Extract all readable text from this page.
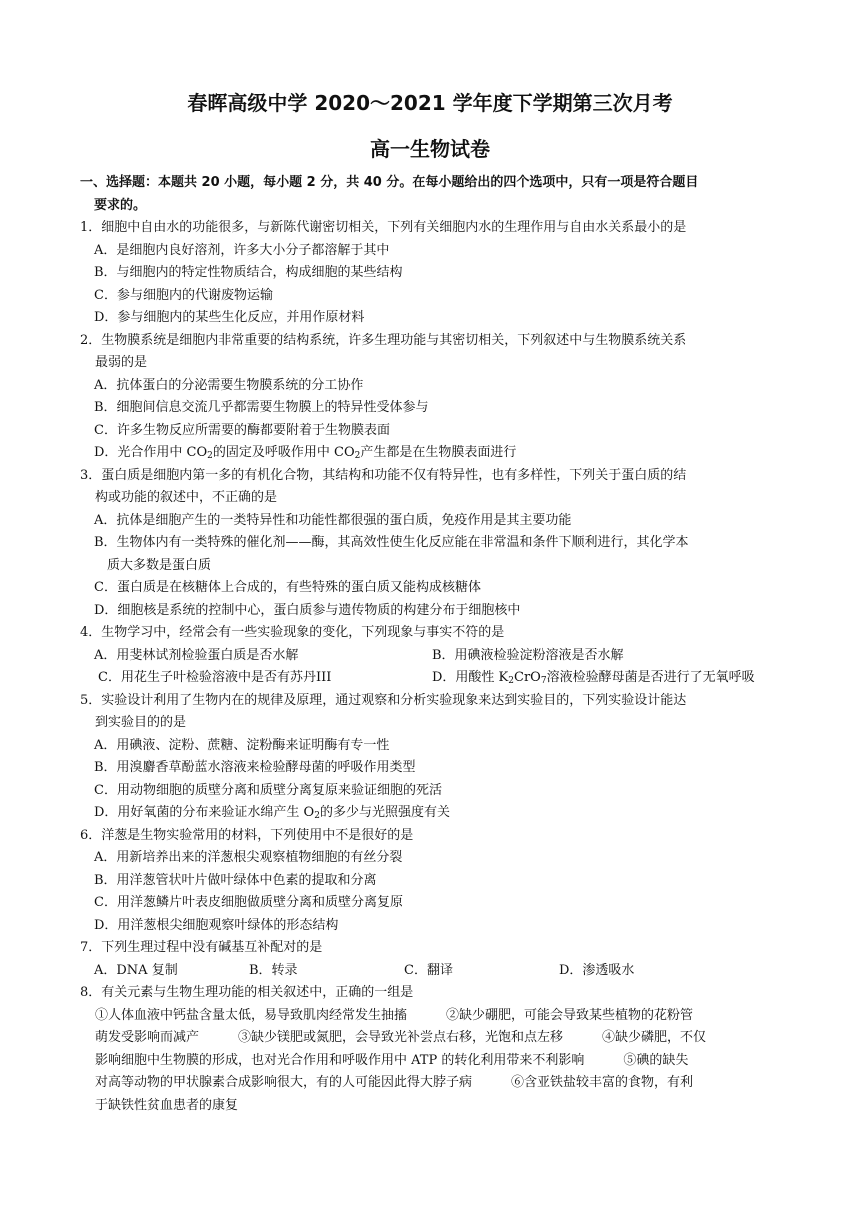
春晖高级中学 2020～2021 学年度下学期第三次月考
高一生物试卷
一、选择题：本题共 20 小题，每小题 2 分，共 40 分。在每小题给出的四个选项中，只有一项是符合题目
要求的。
1．细胞中自由水的功能很多，与新陈代谢密切相关，下列有关细胞内水的生理作用与自由水关系最小的是
A．是细胞内良好溶剂，许多大小分子都溶解于其中
B．与细胞内的特定性物质结合，构成细胞的某些结构
C．参与细胞内的代谢废物运输
D．参与细胞内的某些生化反应，并用作原材料
2．生物膜系统是细胞内非常重要的结构系统，许多生理功能与其密切相关，下列叙述中与生物膜系统关系
最弱的是
A．抗体蛋白的分泌需要生物膜系统的分工协作
B．细胞间信息交流几乎都需要生物膜上的特异性受体参与
C．许多生物反应所需要的酶都要附着于生物膜表面
D．光合作用中 $CO_2$的固定及呼吸作用中 $CO_2$产生都是在生物膜表面进行
3．蛋白质是细胞内第一多的有机化合物，其结构和功能不仅有特异性，也有多样性，下列关于蛋白质的结
构或功能的叙述中，不正确的是
A．抗体是细胞产生的一类特异性和功能性都很强的蛋白质，免疫作用是其主要功能
B．生物体内有一类特殊的催化剂——酶，其高效性使生化反应能在非常温和条件下顺利进行，其化学本
质大多数是蛋白质
C．蛋白质是在核糖体上合成的，有些特殊的蛋白质又能构成核糖体
D．细胞核是系统的控制中心，蛋白质参与遗传物质的构建分布于细胞核中
4．生物学习中，经常会有一些实验现象的变化，下列现象与事实不符的是
A．用斐林试剂检验蛋白质是否水解	B．用碘液检验淀粉溶液是否水解
C．用花生子叶检验溶液中是否有苏丹III	D．用酸性 $K_2CrO_7$溶液检验酵母菌是否进行了无氧呼吸
5．实验设计利用了生物内在的规律及原理，通过观察和分析实验现象来达到实验目的，下列实验设计能达
到实验目的的是
A．用碘液、淀粉、蔗糖、淀粉酶来证明酶有专一性
B．用溴麝香草酚蓝水溶液来检验酵母菌的呼吸作用类型
C．用动物细胞的质壁分离和质壁分离复原来验证细胞的死活
D．用好氧菌的分布来验证水绵产生 $O_2$的多少与光照强度有关
6．洋葱是生物实验常用的材料，下列使用中不是很好的是
A．用新培养出来的洋葱根尖观察植物细胞的有丝分裂
B．用洋葱管状叶片做叶绿体中色素的提取和分离
C．用洋葱鳞片叶表皮细胞做质壁分离和质壁分离复原
D．用洋葱根尖细胞观察叶绿体的形态结构
7．下列生理过程中没有碱基互补配对的是
A．DNA 复制	B．转录	C．翻译	D．渗透吸水
8．有关元素与生物生理功能的相关叙述中，正确的一组是
①人体血液中钙盐含量太低，易导致肌肉经常发生抽搐　　　②缺少硼肥，可能会导致某些植物的花粉管
萌发受影响而减产　　　③缺少镁肥或氮肥，会导致光补尝点右移，光饱和点左移　　　④缺少磷肥，不仅
影响细胞中生物膜的形成，也对光合作用和呼吸作用中 ATP 的转化利用带来不利影响　　　⑤碘的缺失
对高等动物的甲状腺素合成影响很大，有的人可能因此得大脖子病　　　⑥含亚铁盐较丰富的食物，有利
于缺铁性贫血患者的康复
